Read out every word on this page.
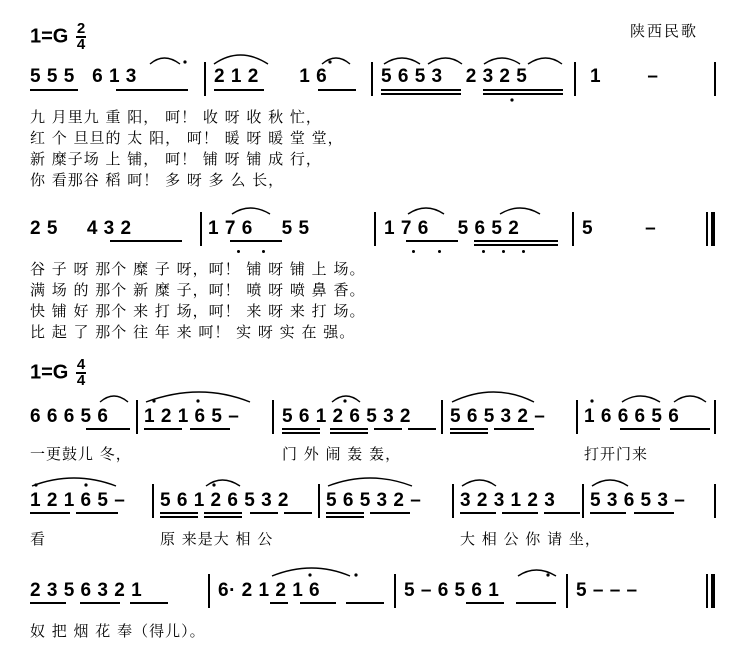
$1=G \frac{2}{4}$	陕西民歌
5 5 5 6 1 3	2 1 2 1 6	5 6 5 3 2 3 2 5	1 –
九 月里九 重 阳， 呵！ 收 呀 收 秋 忙，
红 个 旦旦的 太 阳， 呵！ 暖 呀 暖 堂 堂，
新 糜子场 上 铺， 呵！ 铺 呀 铺 成 行，
你 看那谷 稻 呵！ 多 呀 多 么 长，
2 5 4 3 2	1 7 6 5 5	1 7 6 5 6 5 2	5	–
谷 子 呀 那个 糜 子 呀，呵！ 铺 呀 铺 上 场。
满 场 的 那个 新 糜 子，呵！ 喷 呀 喷 鼻 香。
快 铺 好 那个 来 打 场，呵！ 来 呀 来 打 场。
比 起 了 那个 往 年 来 呵！ 实 呀 实 在 强。
$1=G \frac{4}{4}$
6 6 6 5 6 1 2 1 6 5 – 5 6 1 2 6 5 3 2 5 6 5 3 2 – 1 6 6 6 5 6
一更鼓儿 冬，	门 外 闹 轰 轰，	打开门来
1 2 1 6 5 – 5 6 1 2 6 5 3 2 5 6 5 3 2 – 3 2 3 1 2 3 5 3 6 5 3 –
看	原 来是大 相 公	大 相 公 你 请 坐，
2 3 5 6 3 2 1	6· 2 1 2 1 6	5 – 6 5 6 1	5 – – –
奴 把 烟 花 奉（得儿）。
